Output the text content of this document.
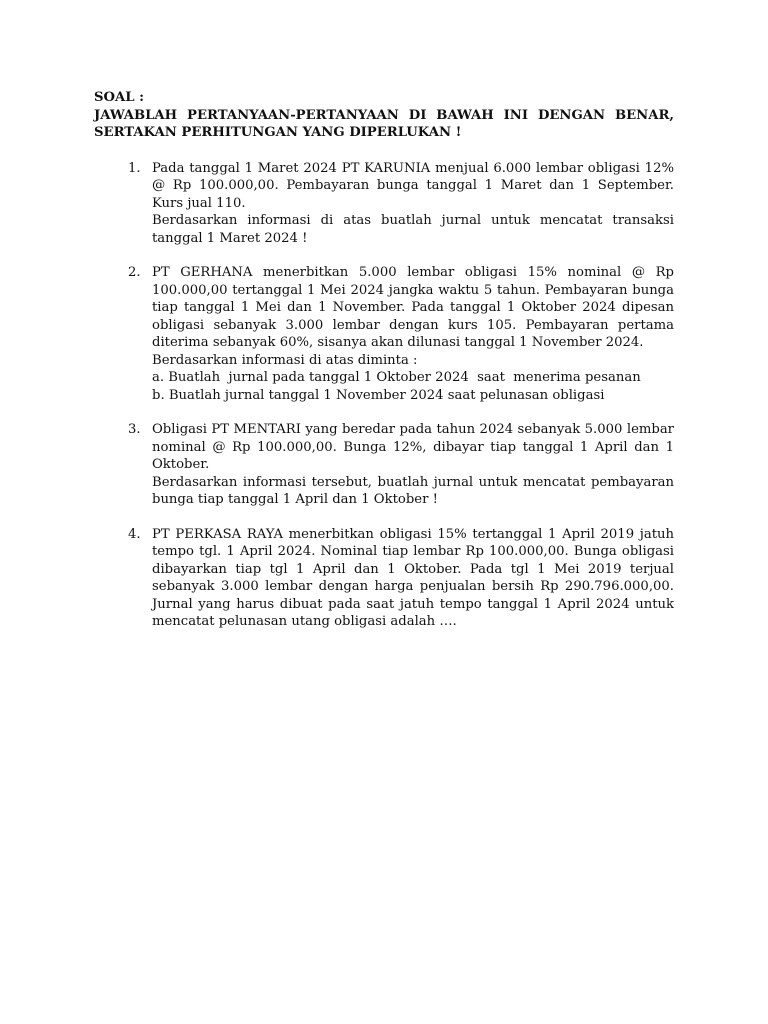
SOAL :

JAWABLAH PERTANYAAN-PERTANYAAN DI BAWAH INI DENGAN BENAR, SERTAKAN PERHITUNGAN YANG DIPERLUKAN !

1. Pada tanggal 1 Maret 2024 PT KARUNIA menjual 6.000 lembar obligasi 12% @ Rp 100.000,00. Pembayaran bunga tanggal 1 Maret dan 1 September. Kurs jual 110.

Berdasarkan informasi di atas buatlah jurnal untuk mencatat transaksi tanggal 1 Maret 2024 !

2. PT GERHANA menerbitkan 5.000 lembar obligasi 15% nominal @ Rp 100.000,00 tertanggal 1 Mei 2024 jangka waktu 5 tahun. Pembayaran bunga tiap tanggal 1 Mei dan 1 November. Pada tanggal 1 Oktober 2024 dipesan obligasi sebanyak 3.000 lembar dengan kurs 105. Pembayaran pertama diterima sebanyak 60%, sisanya akan dilunasi tanggal 1 November 2024.

Berdasarkan informasi di atas diminta :

a. Buatlah  jurnal pada tanggal 1 Oktober 2024  saat  menerima pesanan

b. Buatlah jurnal tanggal 1 November 2024 saat pelunasan obligasi

3. Obligasi PT MENTARI yang beredar pada tahun 2024 sebanyak 5.000 lembar nominal @ Rp 100.000,00. Bunga 12%, dibayar tiap tanggal 1 April dan 1 Oktober.

Berdasarkan informasi tersebut, buatlah jurnal untuk mencatat pembayaran bunga tiap tanggal 1 April dan 1 Oktober !

4. PT PERKASA RAYA menerbitkan obligasi 15% tertanggal 1 April 2019 jatuh tempo tgl. 1 April 2024. Nominal tiap lembar Rp 100.000,00. Bunga obligasi dibayarkan tiap tgl 1 April dan 1 Oktober. Pada tgl 1 Mei 2019 terjual sebanyak 3.000 lembar dengan harga penjualan bersih Rp 290.796.000,00. Jurnal yang harus dibuat pada saat jatuh tempo tanggal 1 April 2024 untuk mencatat pelunasan utang obligasi adalah ….
